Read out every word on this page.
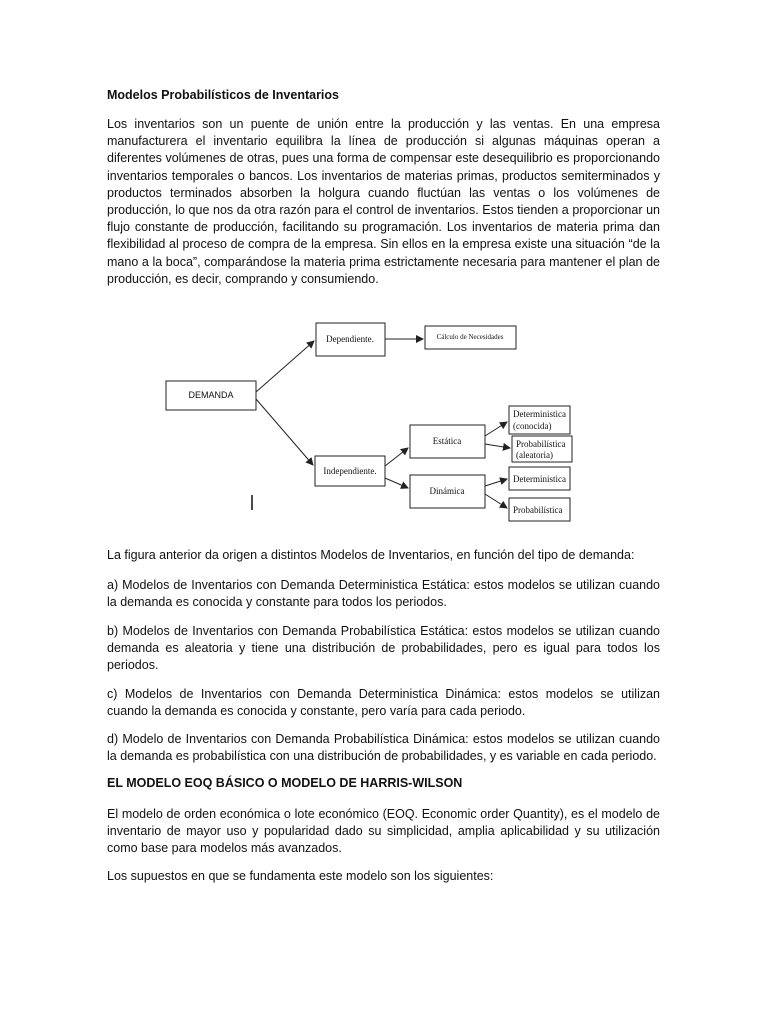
Modelos Probabilísticos de Inventarios

Los inventarios son un puente de unión entre la producción y las ventas. En una empresa manufacturera el inventario equilibra la línea de producción si algunas máquinas operan a diferentes volúmenes de otras, pues una forma de compensar este desequilibrio es proporcionando inventarios temporales o bancos. Los inventarios de materias primas, productos semiterminados y productos terminados absorben la holgura cuando fluctúan las ventas o los volúmenes de producción, lo que nos da otra razón para el control de inventarios. Estos tienden a proporcionar un flujo constante de producción, facilitando su programación. Los inventarios de materia prima dan flexibilidad al proceso de compra de la empresa. Sin ellos en la empresa existe una situación “de la mano a la boca”, comparándose la materia prima estrictamente necesaria para mantener el plan de producción, es decir, comprando y consumiendo.

DEMANDA
Dependiente.	Cálculo de Necesidades
Independiente.
Estática
Dinámica
Deterministica
(conocida)
Probabilística
(aleatoria)
Deterministica
Probabilística

La figura anterior da origen a distintos Modelos de Inventarios, en función del tipo de demanda:

a) Modelos de Inventarios con Demanda Deterministica Estática: estos modelos se utilizan cuando la demanda es conocida y constante para todos los periodos.

b) Modelos de Inventarios con Demanda Probabilística Estática: estos modelos se utilizan cuando demanda es aleatoria y tiene una distribución de probabilidades, pero es igual para todos los periodos.

c) Modelos de Inventarios con Demanda Deterministica Dinámica: estos modelos se utilizan cuando la demanda es conocida y constante, pero varía para cada periodo.

d) Modelo de Inventarios con Demanda Probabilística Dinámica: estos modelos se utilizan cuando la demanda es probabilística con una distribución de probabilidades, y es variable en cada periodo.

EL MODELO EOQ BÁSICO O MODELO DE HARRIS-WILSON

El modelo de orden económica o lote económico (EOQ. Economic order Quantity), es el modelo de inventario de mayor uso y popularidad dado su simplicidad, amplia aplicabilidad y su utilización como base para modelos más avanzados.

Los supuestos en que se fundamenta este modelo son los siguientes:
